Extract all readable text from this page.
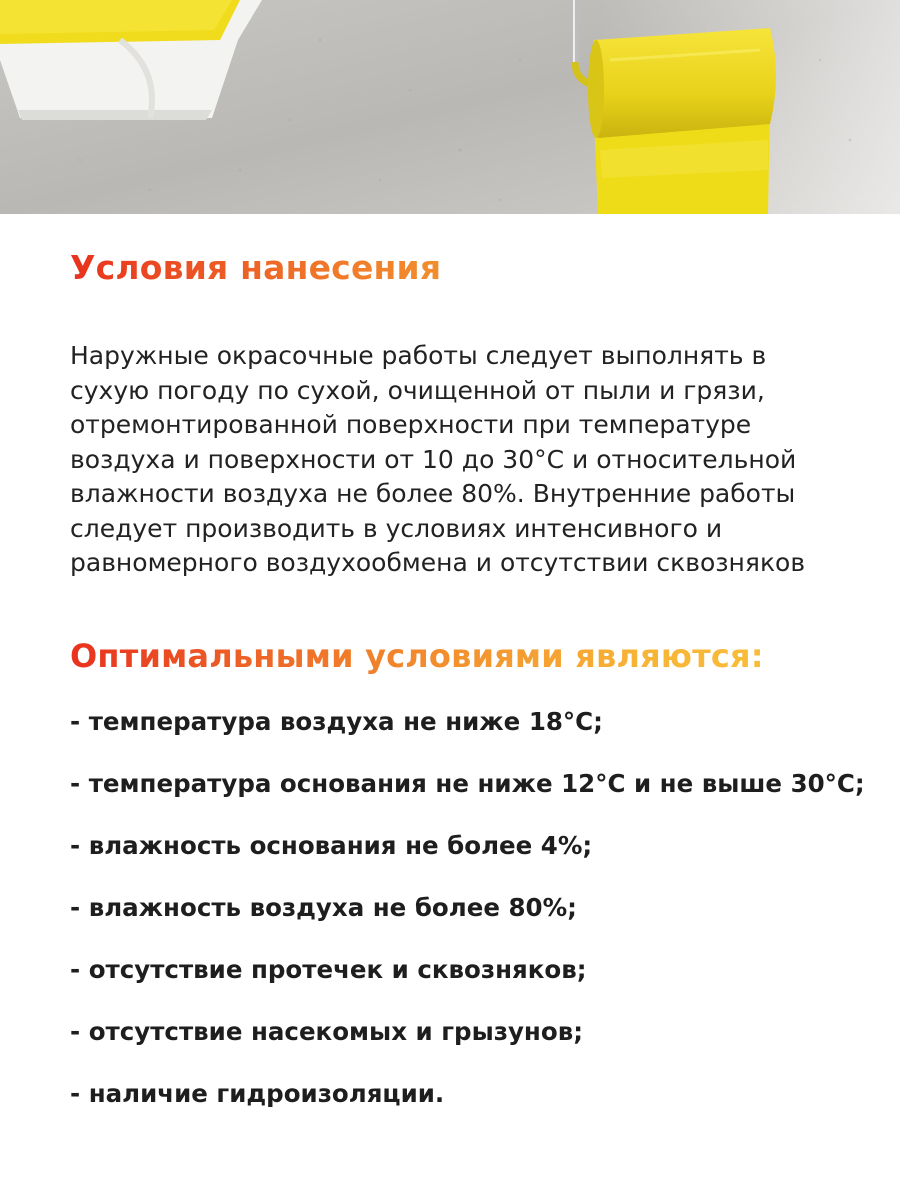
Условия нанесения

Наружные окрасочные работы следует выполнять в сухую погоду по сухой, очищенной от пыли и грязи, отремонтированной поверхности при температуре воздуха и поверхности от 10 до 30°С и относительной влажности воздуха не более 80%. Внутренние работы следует производить в условиях интенсивного и равномерного воздухообмена и отсутствии сквозняков

Оптимальными условиями являются:
- температура воздуха не ниже 18°С;
- температура основания не ниже 12°С и не выше 30°С;
- влажность основания не более 4%;
- влажность воздуха не более 80%;
- отсутствие протечек и сквозняков;
- отсутствие насекомых и грызунов;
- наличие гидроизоляции.
